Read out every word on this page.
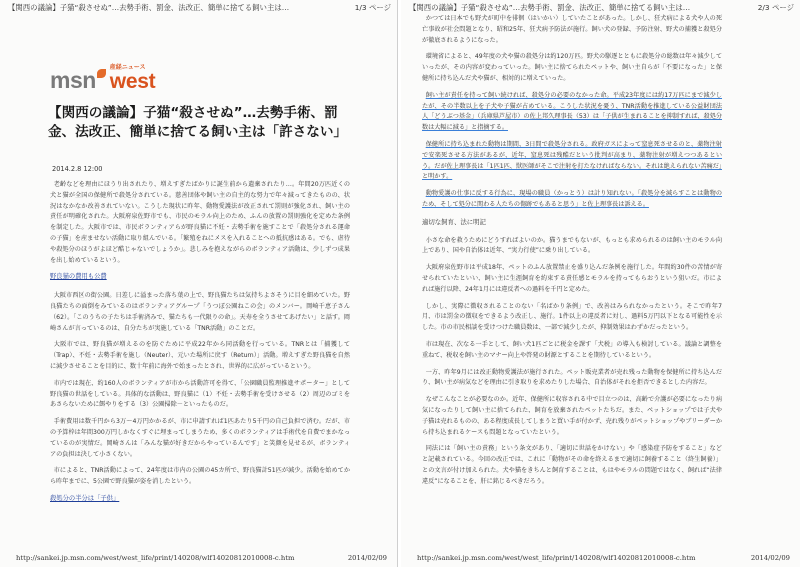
【関西の議論】子猫“殺させぬ”…去勢手術、罰金、法改正、簡単に捨てる飼い主は…	1/3 ページ
msn 産経ニュース
west
【関西の議論】子猫“殺させぬ”…去勢手術、罰金、法改正、簡単に捨てる飼い主は「許さない」
2014.2.8 12:00

老齢などを理由にほうり出されたり、増えすぎたばかりに誕生前から遺棄されたり…。年間20万匹近くの犬と猫が全国の保健所で殺処分されている。慈善団体や飼い主の自主的な努力で年々減ってきたものの、状況はなかなか改善されていない。こうした現状に昨年、動物愛護法が改正されて罰則が強化され、飼い主の責任が明確化された。大阪府泉佐野市でも、市民のモラル向上のため、ふんの放置の罰則強化を定めた条例を制定した。大阪市では、市民ボランティアらが野良猫に不妊・去勢手術を施すことで「殺処分される運命の子猫」を産ませない活動に取り組んでいる。「繁殖をねにメスを入れることへの抵抗感はある。でも、虐待や殺処分のほうがよほど酷じゃないでしょうか」。悲しみを抱えながらのボランティア活動は、少しずつ成果を出し始めているという。

野良猫の費用も公費

大阪市西区の街公園。日差しに溢まった落ち葉の上で、野良猫たちは気持ちよさそうに目を細めていた。野良猫たちの面倒をみているのはボランティアグループ「うつぼ公園ねこの会」のメンバー。岡崎千恵子さん（62）。「このうちの子たちは手術済みで、猫たちも一代限りの命」。天寿を全うさせてあげたい」と話す。岡崎さんが言っているのは、自分たちが実施している「TNR活動」のことだ。

大阪市では、野良猫が増えるのを防ぐために平成22年から同活動を行っている。TNRとは「捕獲して（Trap）、不妊・去勢手術を施し（Neuter）、元いた場所に戻す（Return）」活動。増えすぎた野良猫を自然に減少させることを目的に、数十年前に海外で始まったとされ、世界的に広がっているという。

市内では現在、約160人のボランティアが市から活動許可を得て、「公園職員監理推進サポーター」として野良猫の世話をしている。具体的な活動は、野良猫に（1）不妊・去勢手術を受けさせる（2）周辺のゴミをあさらないために餌やりをする（3）公園掃除－といったものだ。

手術費用は数千円から3万～4万円かかるが、市に申請すれば1匹あたり5千円の自己負担で済む。だが、市の予算枠は年間300万円しかなくすぐに埋まってしまうため、多くのボランティアは手術代を自費でまかなっているのが実情だ。岡崎さんは「みんな猫が好きだからやっているんです」と笑顔を見せるが、ボランティアの負担は決して小さくない。

市によると、TNR活動によって、24年度は市内の公園の45カ所で、野良猫計51匹が減少。活動を始めてから昨年までに、5公園で野良猫が姿を消したという。

殺処分の半分は「子供」
http://sankei.jp.msn.com/west/west_life/print/140208/wlf14020812010008-c.htm	2014/02/09
【関西の議論】子猫“殺させぬ”…去勢手術、罰金、法改正、簡単に捨てる飼い主は…	2/3 ページ
http://sankei.jp.msn.com/west/west_life/print/140208/wlf14020812010008-c.htm	2014/02/09

かつては日本でも野犬が町中を徘徊（はいかい）していたことがあった。しかし、狂犬病による犬や人の死亡事故が社会問題となり、昭和25年、狂犬病予防法が施行。飼い犬の登録、予防注射、野犬の捕獲と殺処分が徹底されるようになった。

環境省によると、49年度の犬や猫の殺処分は約120万匹。野犬の駆逐とともに殺処分の総数は年々減少していったが、その内容が変わっていった。飼い主に捨てられたペットや、飼い主自らが「不要になった」と保健所に持ち込んだ犬や猫が、相対的に増えていった。

飼い主が責任を持って飼い続ければ、殺処分の必要のなかった命。平成23年度には約17万匹にまで減少したが、その半数以上を子犬や子猫が占めている。こうした状況を憂う、TNR活動を推進している公益財団法人「どうぶつ基金」（兵庫県芦屋市）の佐上邦久理事長（53）は「子供が生まれることを抑制すれば、殺処分数は大幅に減る」と指摘する。

保健所に持ち込まれた動物は期間、3日間で殺処分される。政府ガスによって窒息死させるのと、薬物注射で安楽死させる方法があるが、近年、窒息死は残酷だという批判が高まり、薬物注射が増えつつあるという。だが佐上理事長は「1匹1匹、獣医師がそこで注射を打たなければならない。それは絶えられない苦痛だ」と明かす。

動物愛護の仕事に反する行為に、現場の職員（かっとう）は計り知れない。「殺処分を減らすことは動物のため、そして処分に関わる人たちの傷跡でもあると思う」と佐上理事長は訴える。

適切な飼育、法に明記

小さな命を救うためにどうすればよいのか。猫うまでもないが、もっとも求められるのは飼い主のモラル向上であり、国や自治体は近年、“実力行使”に乗り出している。

大阪府泉佐野市は平成18年、ペットのふん放置禁止を盛り込んだ条例を施行した。年間約30件の苦情が寄せられていたといい、飼い主に生涯飼育を約束する責任感とモラルを持ってもらおうという狙いだ。市によれば施行以降、24年1月には違反者への過料を千円と定めた。

しかし、実際に徴収されることのない「名ばかり条例」で、改善はみられなかったという。そこで昨年7月、市は罰金の徴収をできるよう改正し、施行。1件以上の違反者に対し、過料5万円以下となる可能性を示した。市の市民相談を受けつけた職員数は、一部で減少したが、抑制効果はわずかだったという。

市は現在、次なる一手として、飼い犬1匹ごとに税金を課す「犬税」の導入も検討している。議論と調整を重ねて、税収を飼い主のマナー向上や啓発の財源とすることを期待しているという。

一方、昨年9月には改正動物愛護法が施行された。ペット販売業者が売れ残った動物を保健所に持ち込んだり、飼い主が病気などを理由に引き取りを求めたりした場合、自治体がそれを拒否できるとした内容だ。

なぜこんなことが必要なのか。近年、保健所に収容される中で目立つのは、高齢で介護が必要になったり病気になったりして飼い主に捨てられた、飼育を放棄されたペットたちだ。また、ペットショップでは子犬や子猫は売れるものの、ある程度成長してしまうと買い手が付かず、売れ残りがペットショップやブリーダーから持ち込まれるケースも問題となっていたという。

同法には「飼い主の責務」という条文があり、「適切に世話をかけない」や「感染症予防をすること」などと記載されている。今回の改正では、これに「動物がその命を終えるまで適切に飼養すること（終生飼養）」との文言が付け加えられた。犬や猫をきちんと飼育することは、もはやモラルの問題ではなく、飼れば“法律違反”になることを、肝に銘じるべきだろう。
